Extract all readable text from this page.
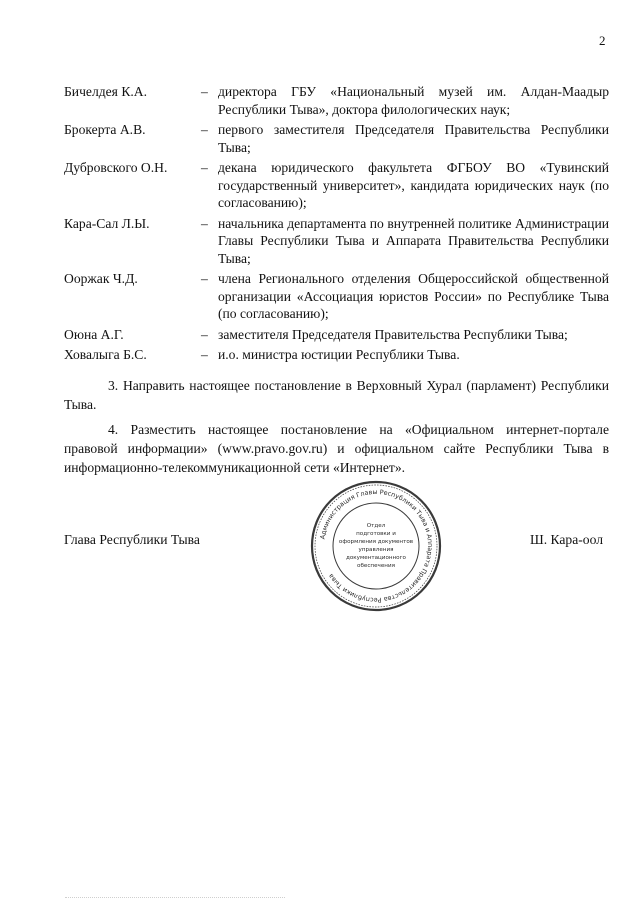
2
Бичелдея К.А.	– директора ГБУ «Национальный музей им. Алдан-Маадыр Республики Тыва», доктора филологических наук;
Брокерта А.В.	– первого заместителя Председателя Правительства Республики Тыва;
Дубровского О.Н.	– декана юридического факультета ФГБОУ ВО «Тувинский государственный университет», кандидата юридических наук (по согласованию);
Кара-Сал Л.Ы.	– начальника департамента по внутренней политике Администрации Главы Республики Тыва и Аппарата Правительства Республики Тыва;
Ооржак Ч.Д.	– члена Регионального отделения Общероссийской общественной организации «Ассоциация юристов России» по Республике Тыва (по согласованию);
Оюна А.Г.	– заместителя Председателя Правительства Республики Тыва;
Ховалыга Б.С.	– и.о. министра юстиции Республики Тыва.

3. Направить настоящее постановление в Верховный Хурал (парламент) Республики Тыва.

4. Разместить настоящее постановление на «Официальном интернет-портале правовой информации» (www.pravo.gov.ru) и официальном сайте Республики Тыва в информационно-телекоммуникационной сети «Интернет».

Глава Республики Тыва	Администрация Главы Республики Тыва и Аппарата Правительства Республики Тыва
Отдел
подготовки и
оформления документов
управления
документационного
обеспечения
Ш. Кара-оол
